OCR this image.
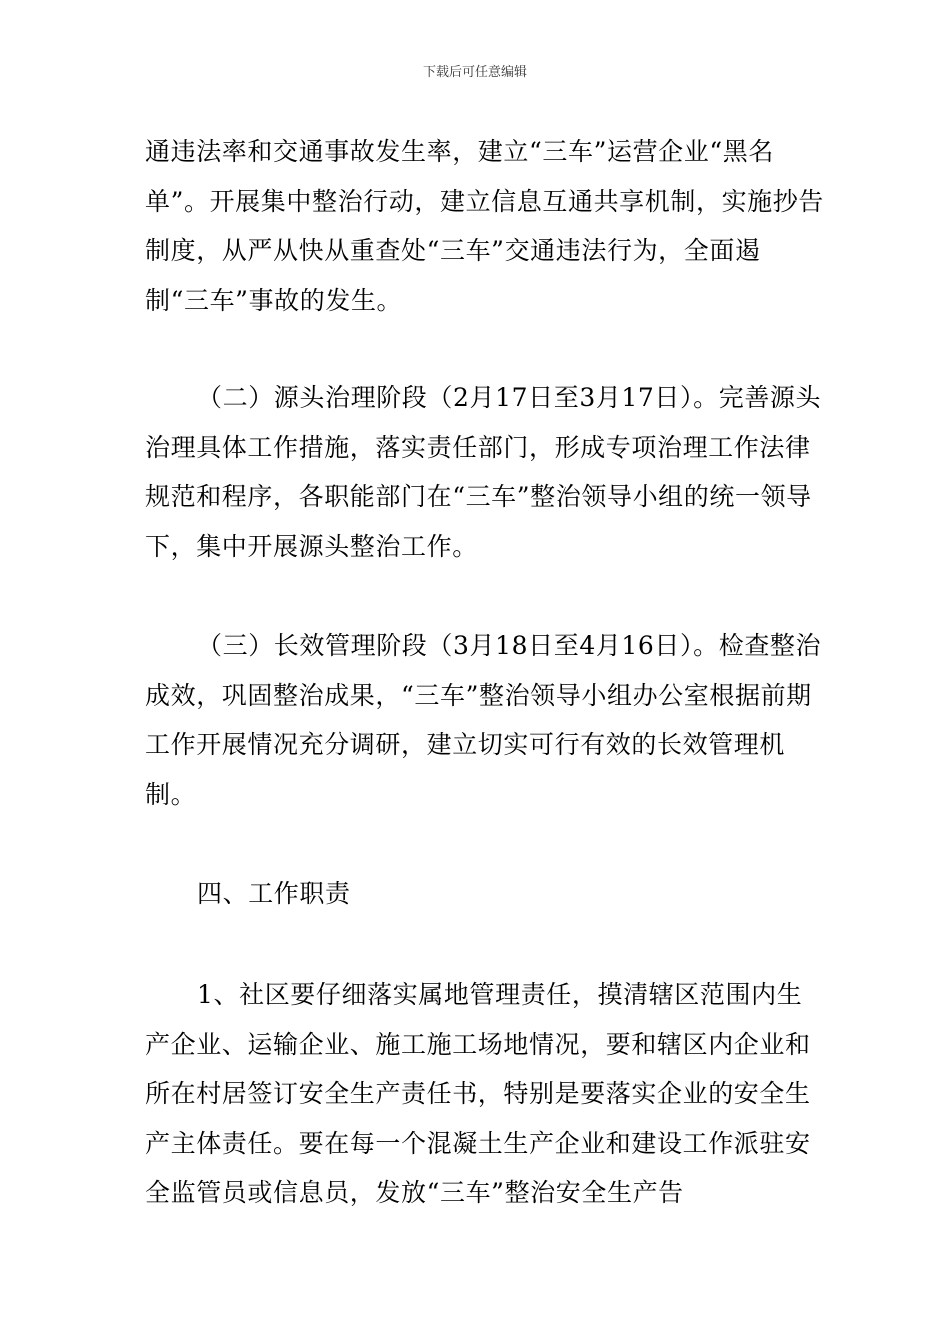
下载后可任意编辑
通违法率和交通事故发生率，建立“三车”运营企业“黑名单”。开展集中整治行动，建立信息互通共享机制，实施抄告制度，从严从快从重查处“三车”交通违法行为，全面遏制“三车”事故的发生。
（二）源头治理阶段（2月17日至3月17日）。完善源头治理具体工作措施，落实责任部门，形成专项治理工作法律规范和程序，各职能部门在“三车”整治领导小组的统一领导下，集中开展源头整治工作。
（三）长效管理阶段（3月18日至4月16日）。检查整治成效，巩固整治成果，“三车”整治领导小组办公室根据前期工作开展情况充分调研，建立切实可行有效的长效管理机制。
四、工作职责
1、社区要仔细落实属地管理责任，摸清辖区范围内生产企业、运输企业、施工施工场地情况，要和辖区内企业和所在村居签订安全生产责任书，特别是要落实企业的安全生产主体责任。要在每一个混凝土生产企业和建设工作派驻安全监管员或信息员，发放“三车”整治安全生产告
